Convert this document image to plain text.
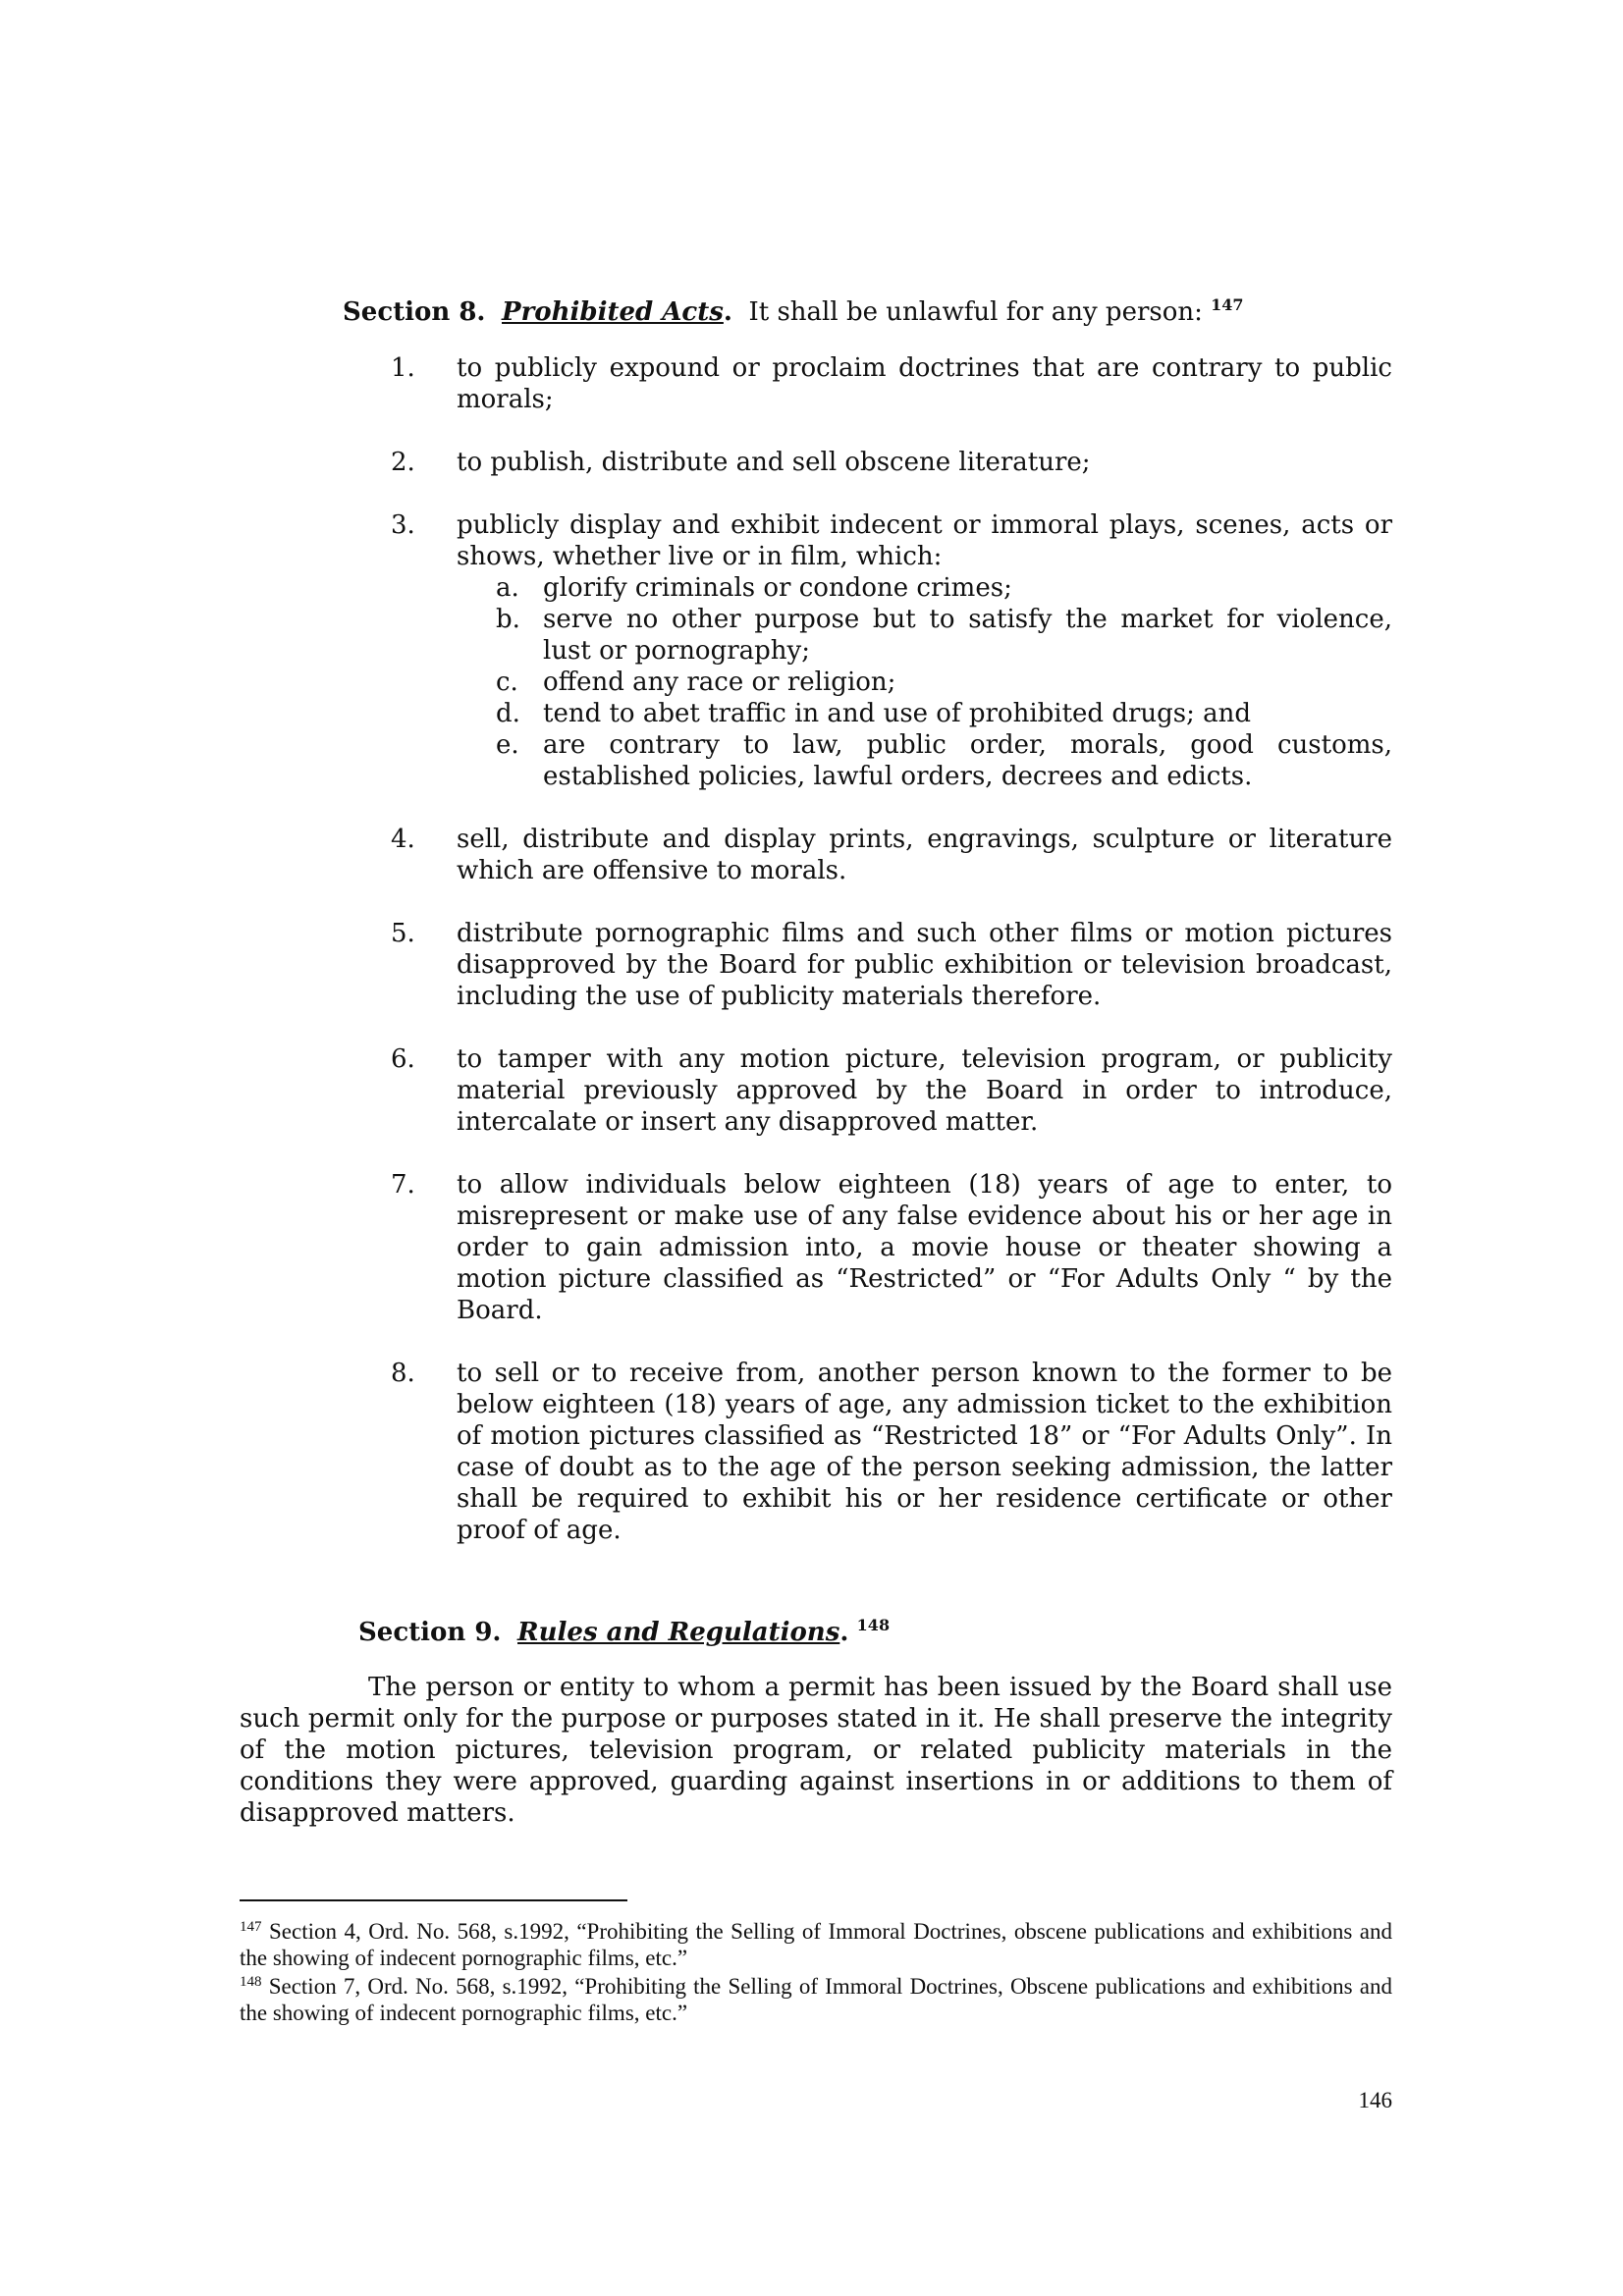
Section 8. Prohibited Acts. It shall be unlawful for any person: $^{147}$
1. to publicly expound or proclaim doctrines that are contrary to public morals;
2. to publish, distribute and sell obscene literature;
3. publicly display and exhibit indecent or immoral plays, scenes, acts or shows, whether live or in film, which:
a. glorify criminals or condone crimes;
b. serve no other purpose but to satisfy the market for violence, lust or pornography;
c. offend any race or religion;
d. tend to abet traffic in and use of prohibited drugs; and
e. are contrary to law, public order, morals, good customs, established policies, lawful orders, decrees and edicts.
4. sell, distribute and display prints, engravings, sculpture or literature which are offensive to morals.
5. distribute pornographic films and such other films or motion pictures disapproved by the Board for public exhibition or television broadcast, including the use of publicity materials therefore.
6. to tamper with any motion picture, television program, or publicity material previously approved by the Board in order to introduce, intercalate or insert any disapproved matter.
7. to allow individuals below eighteen (18) years of age to enter, to misrepresent or make use of any false evidence about his or her age in order to gain admission into, a movie house or theater showing a motion picture classified as “Restricted” or “For Adults Only “ by the Board.
8. to sell or to receive from, another person known to the former to be below eighteen (18) years of age, any admission ticket to the exhibition of motion pictures classified as “Restricted 18” or “For Adults Only”. In case of doubt as to the age of the person seeking admission, the latter shall be required to exhibit his or her residence certificate or other proof of age.
Section 9. Rules and Regulations. $^{148}$

The person or entity to whom a permit has been issued by the Board shall use such permit only for the purpose or purposes stated in it. He shall preserve the integrity of the motion pictures, television program, or related publicity materials in the conditions they were approved, guarding against insertions in or additions to them of disapproved matters.

$^{147}$ Section 4, Ord. No. 568, s.1992, “Prohibiting the Selling of Immoral Doctrines, obscene publications and exhibitions and the showing of indecent pornographic films, etc.”

$^{148}$ Section 7, Ord. No. 568, s.1992, “Prohibiting the Selling of Immoral Doctrines, Obscene publications and exhibitions and the showing of indecent pornographic films, etc.”

146
